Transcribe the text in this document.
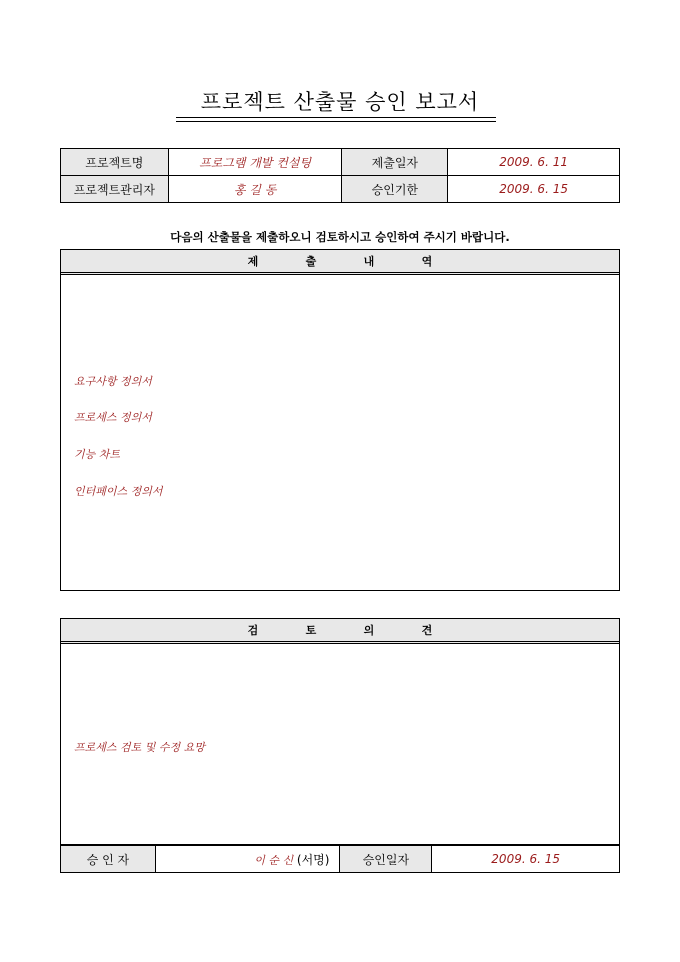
프로젝트 산출물 승인 보고서
프로젝트명	프로그램 개발 컨설팅	제출일자	2009. 6. 11
프로젝트관리자	홍 길 동	승인기한	2009. 6. 15
다음의 산출물을 제출하오니 검토하시고 승인하여 주시기 바랍니다.
제	출	내	역
요구사항 정의서
프로세스 정의서
기능 차트
인터페이스 정의서
검	토	의	견
프로세스 검토 및 수정 요망
승 인 자	이 순 신 (서명)	승인일자	2009. 6. 15
